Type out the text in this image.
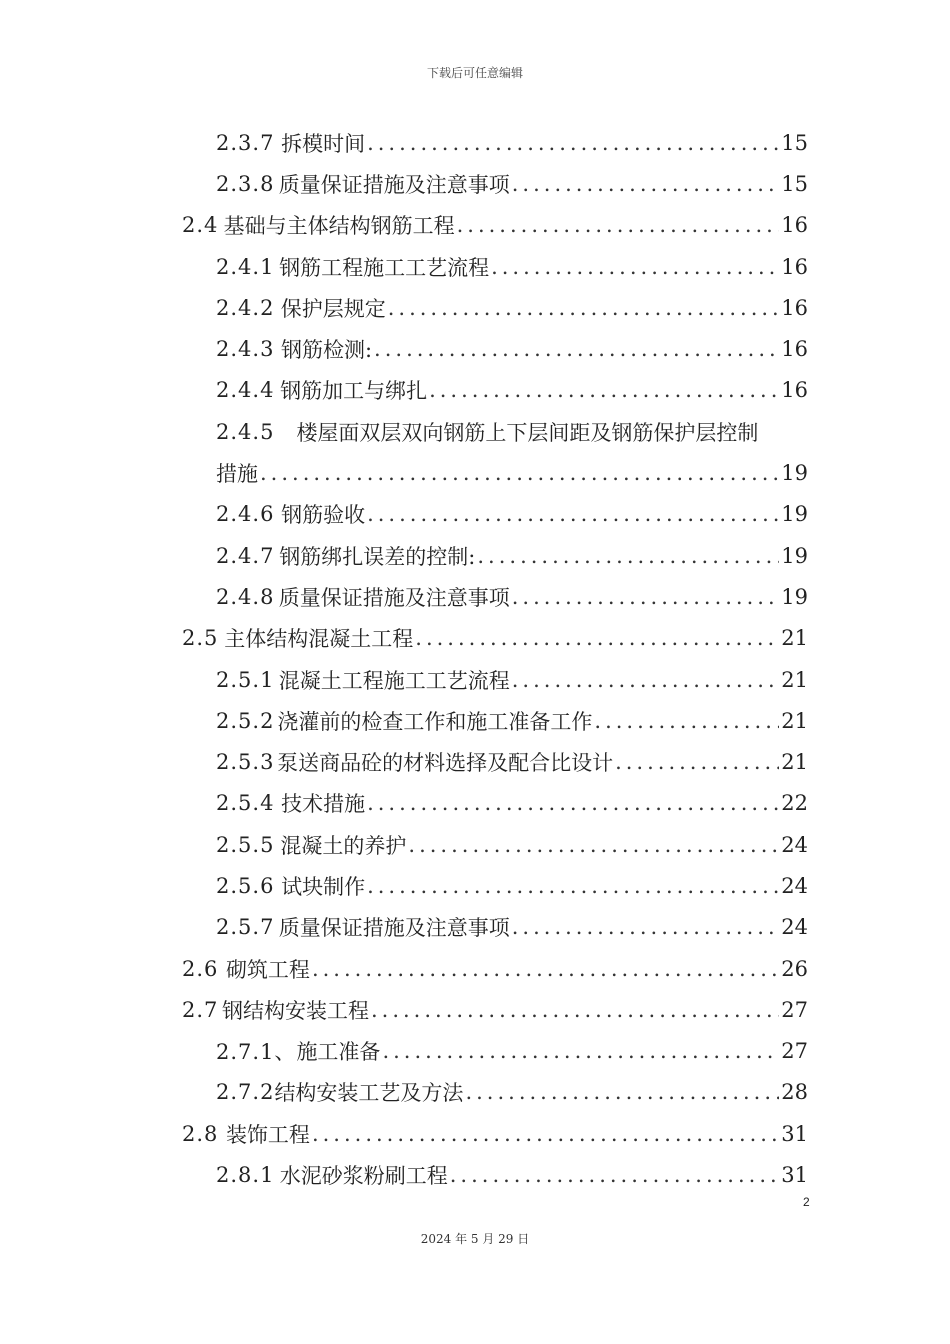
下载后可任意编辑
2.3.7 拆模时间 .....	15
2.3.8 质量保证措施及注意事项 .....	15
2.4 基础与主体结构钢筋工程 .....	16
2.4.1 钢筋工程施工工艺流程 .....	16
2.4.2 保护层规定 .....	16
2.4.3 钢筋检测: .....	16
2.4.4 钢筋加工与绑扎 .....	16
2.4.5 楼屋面双层双向钢筋上下层间距及钢筋保护层控制
措施 .....	19
2.4.6 钢筋验收 .....	19
2.4.7 钢筋绑扎误差的控制: .....	19
2.4.8 质量保证措施及注意事项 .....	19
2.5 主体结构混凝土工程 .....	21
2.5.1 混凝土工程施工工艺流程 .....	21
2.5.2 浇灌前的检查工作和施工准备工作 .....	21
2.5.3 泵送商品砼的材料选择及配合比设计 .....	21
2.5.4 技术措施 .....	22
2.5.5 混凝土的养护 .....	24
2.5.6 试块制作 .....	24
2.5.7 质量保证措施及注意事项 .....	24
2.6 砌筑工程 .....	26
2.7 钢结构安装工程 .....	27
2.7.1、 施工准备 .....	27
2.7.2 结构安装工艺及方法 .....	28
2.8 装饰工程 .....	31
2.8.1 水泥砂浆粉刷工程 .....	31
2
2024 年 5 月 29 日
